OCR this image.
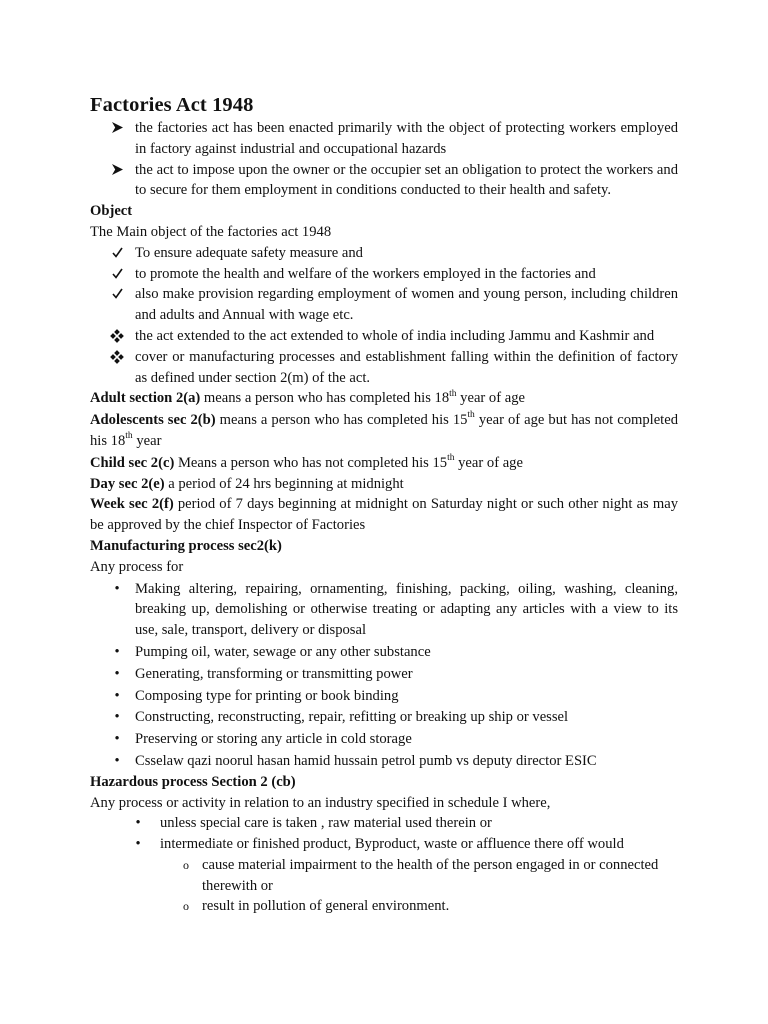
Factories Act 1948
the factories act has been enacted primarily with the object of protecting workers employed in factory against industrial and occupational hazards
the act to impose upon the owner or the occupier set an obligation to protect the workers and to secure for them employment in conditions conducted to their health and safety.

Object

The Main object of the factories act 1948

To ensure adequate safety measure and
to promote the health and welfare of the workers employed in the factories and
also make provision regarding employment of women and young person, including children and adults and Annual with wage etc.
the act extended to the act extended to whole of india including Jammu and Kashmir and
cover or manufacturing processes and establishment falling within the definition of factory as defined under section 2(m) of the act.

Adult section 2(a) means a person who has completed his 18th year of age

Adolescents sec 2(b) means a person who has completed his 15th year of age but has not completed his 18th year

Child sec 2(c) Means a person who has not completed his 15th year of age

Day sec 2(e) a period of 24 hrs beginning at midnight

Week sec 2(f) period of 7 days beginning at midnight on Saturday night or such other night as may be approved by the chief Inspector of Factories

Manufacturing process sec2(k)

Any process for

•	Making altering, repairing, ornamenting, finishing, packing, oiling, washing, cleaning, breaking up, demolishing or otherwise treating or adapting any articles with a view to its use, sale, transport, delivery or disposal
•	Pumping oil, water, sewage or any other substance
•	Generating, transforming or transmitting power
•	Composing type for printing or book binding
•	Constructing, reconstructing, repair, refitting or breaking up ship or vessel
•	Preserving or storing any article in cold storage
•	Csselaw qazi noorul hasan hamid hussain petrol pumb vs deputy director ESIC

Hazardous process Section 2 (cb)

Any process or activity in relation to an industry specified in schedule I where,

•	unless special care is taken , raw material used therein or
•	intermediate or finished product, Byproduct, waste or affluence there off would
o cause material impairment to the health of the person engaged in or connected therewith or
o result in pollution of general environment.
